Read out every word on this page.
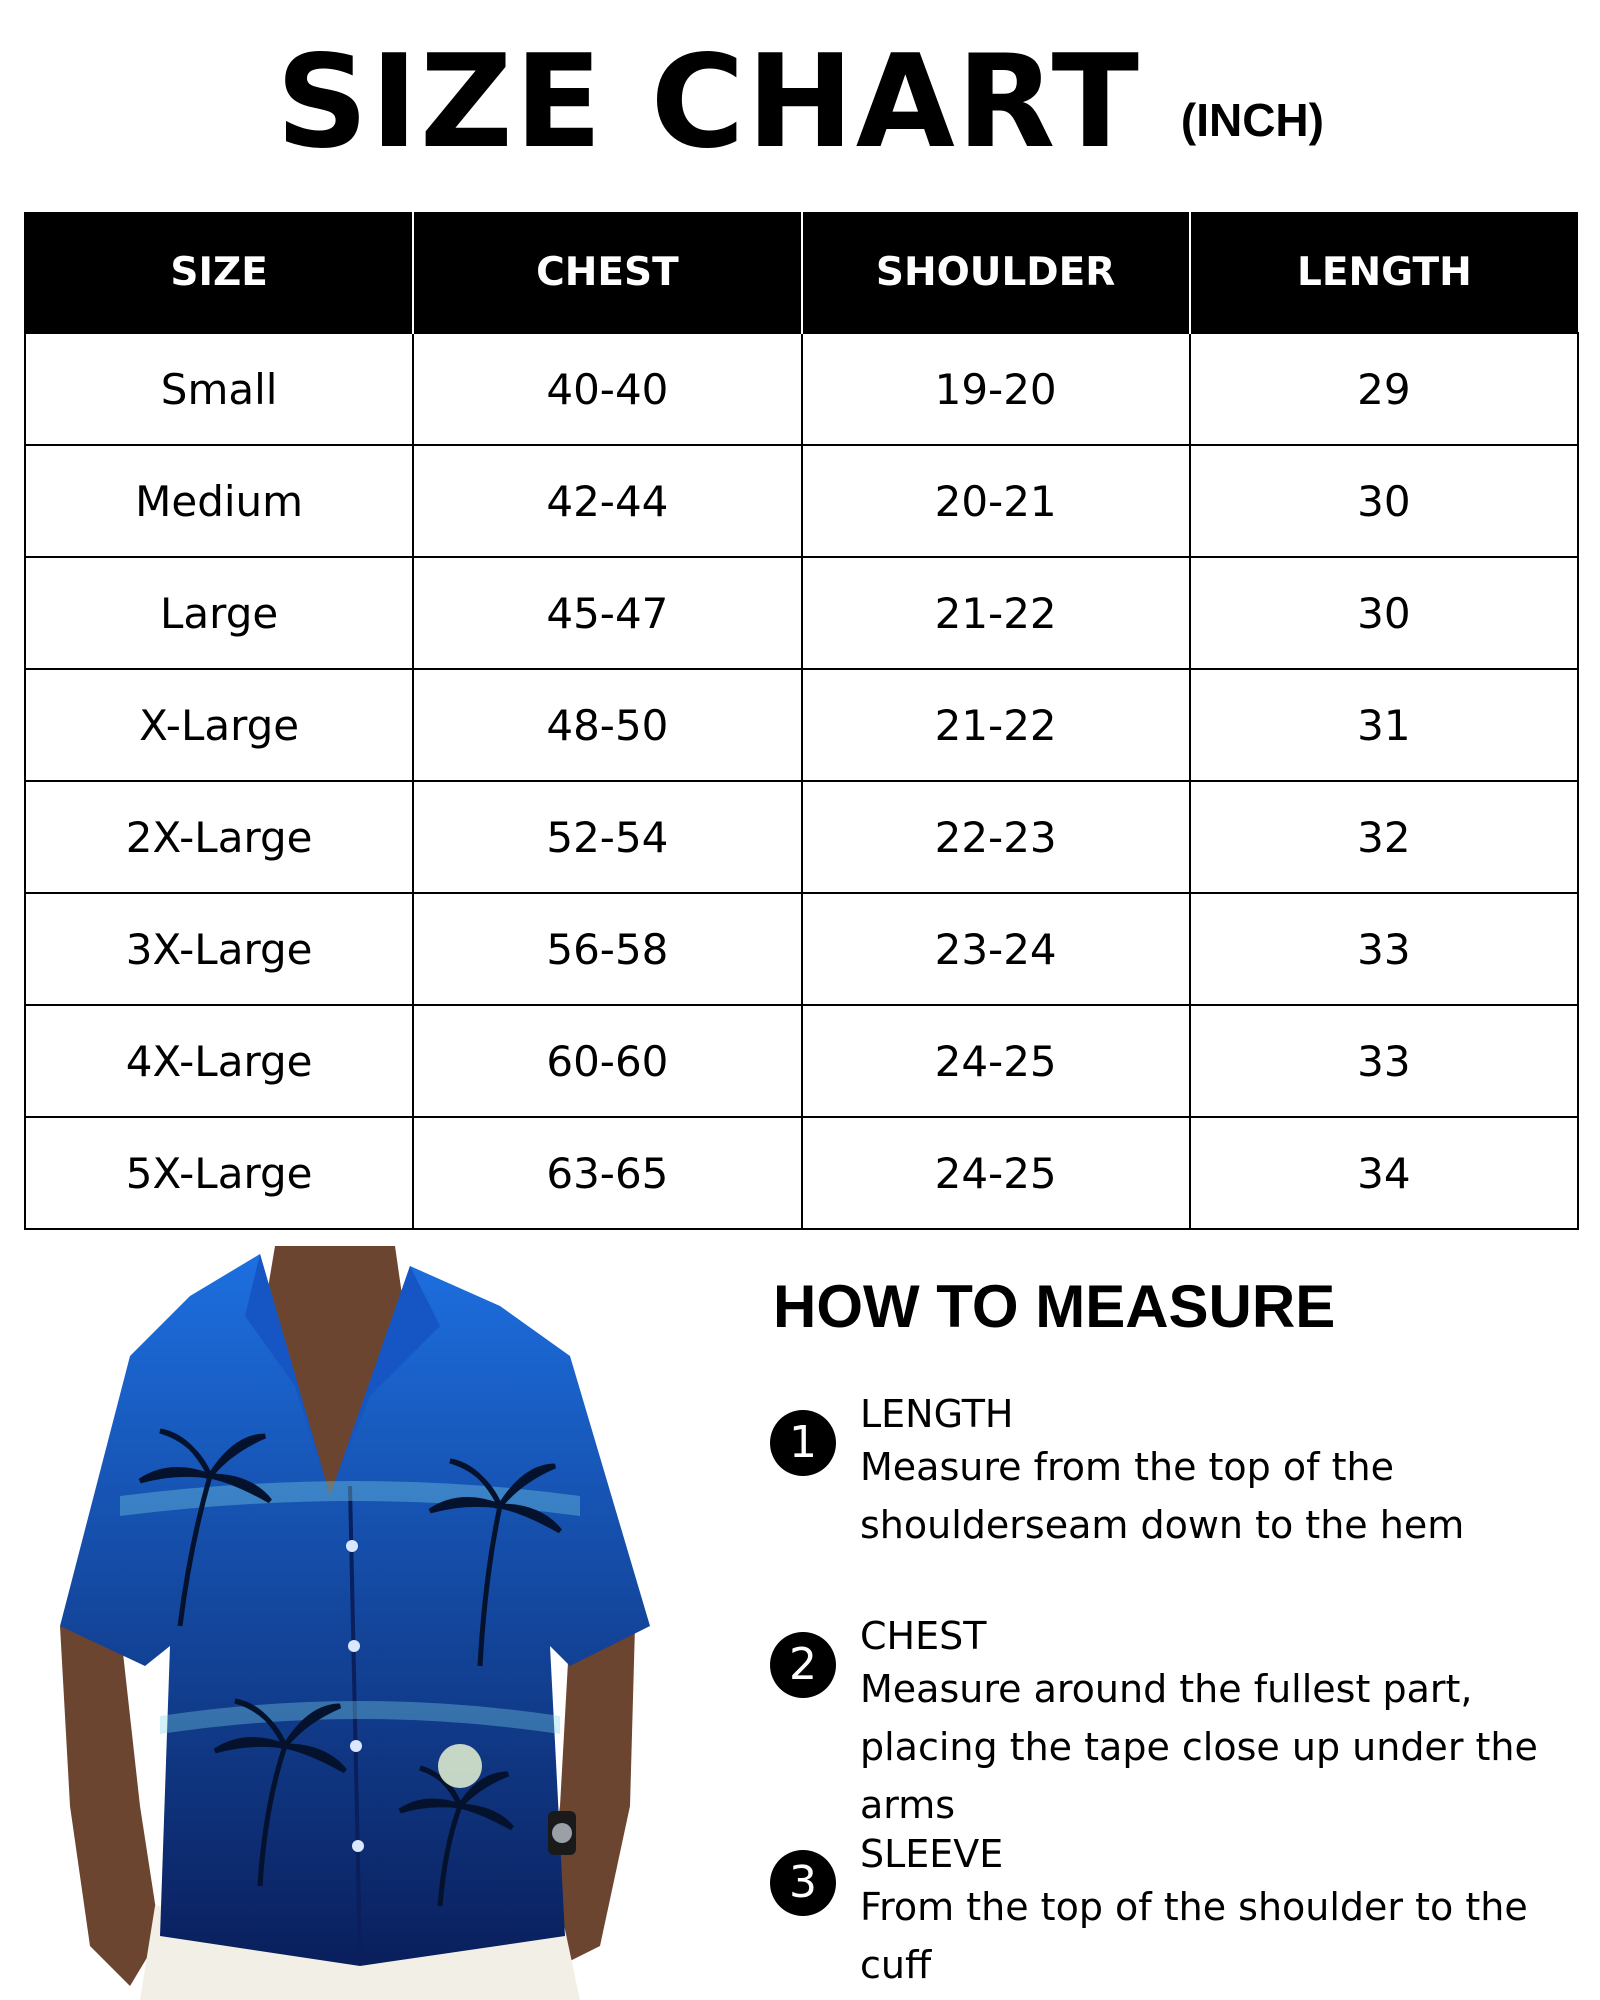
SIZE CHART (INCH)
SIZE	CHEST	SHOULDER	LENGTH
Small	40-40	19-20	29
Medium	42-44	20-21	30
Large	45-47	21-22	30
X-Large	48-50	21-22	31
2X-Large	52-54	22-23	32
3X-Large	56-58	23-24	33
4X-Large	60-60	24-25	33
5X-Large	63-65	24-25	34
HOW TO MEASURE
1
LENGTH
Measure from the top of the shoulderseam down to the hem
2
CHEST
Measure around the fullest part, placing the tape close up under the arms
3
SLEEVE
From the top of the shoulder to the cuff
